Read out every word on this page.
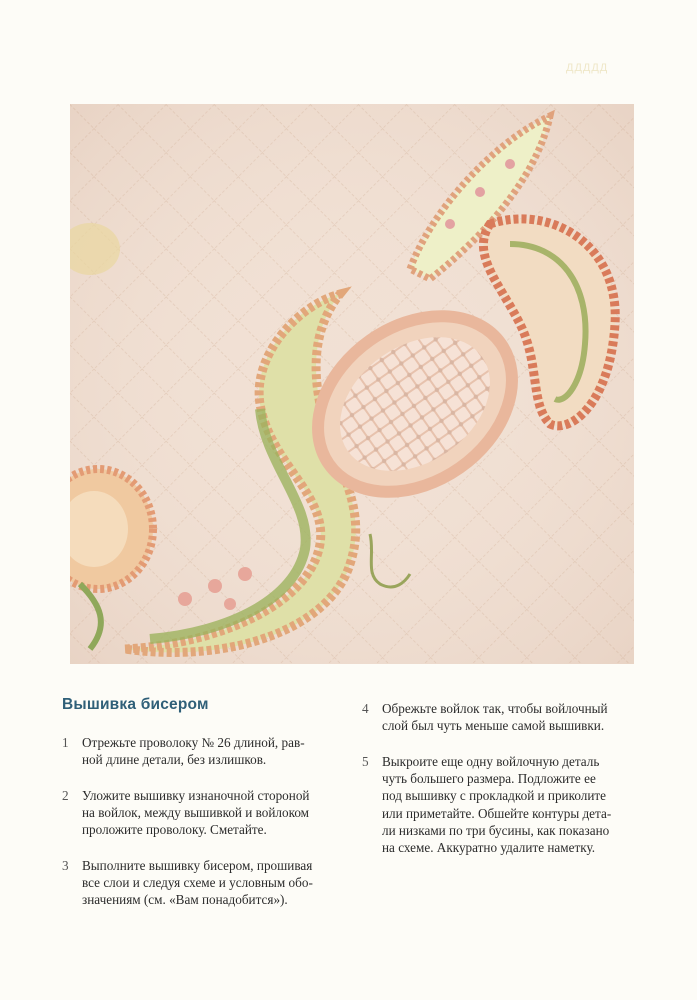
ДДДДД
Вышивка бисером
1	Отрежьте проволоку № 26 длиной, рав-
ной длине детали, без излишков.
2	Уложите вышивку изнаночной стороной
на войлок, между вышивкой и войлоком
проложите проволоку. Сметайте.
3	Выполните вышивку бисером, прошивая
все слои и следуя схеме и условным обо-
значениям (см. «Вам понадобится»).
4	Обрежьте войлок так, чтобы войлочный
слой был чуть меньше самой вышивки.
5	Выкроите еще одну войлочную деталь
чуть большего размера. Подложите ее
под вышивку с прокладкой и приколите
или приметайте. Обшейте контуры дета-
ли низками по три бусины, как показано
на схеме. Аккуратно удалите наметку.
